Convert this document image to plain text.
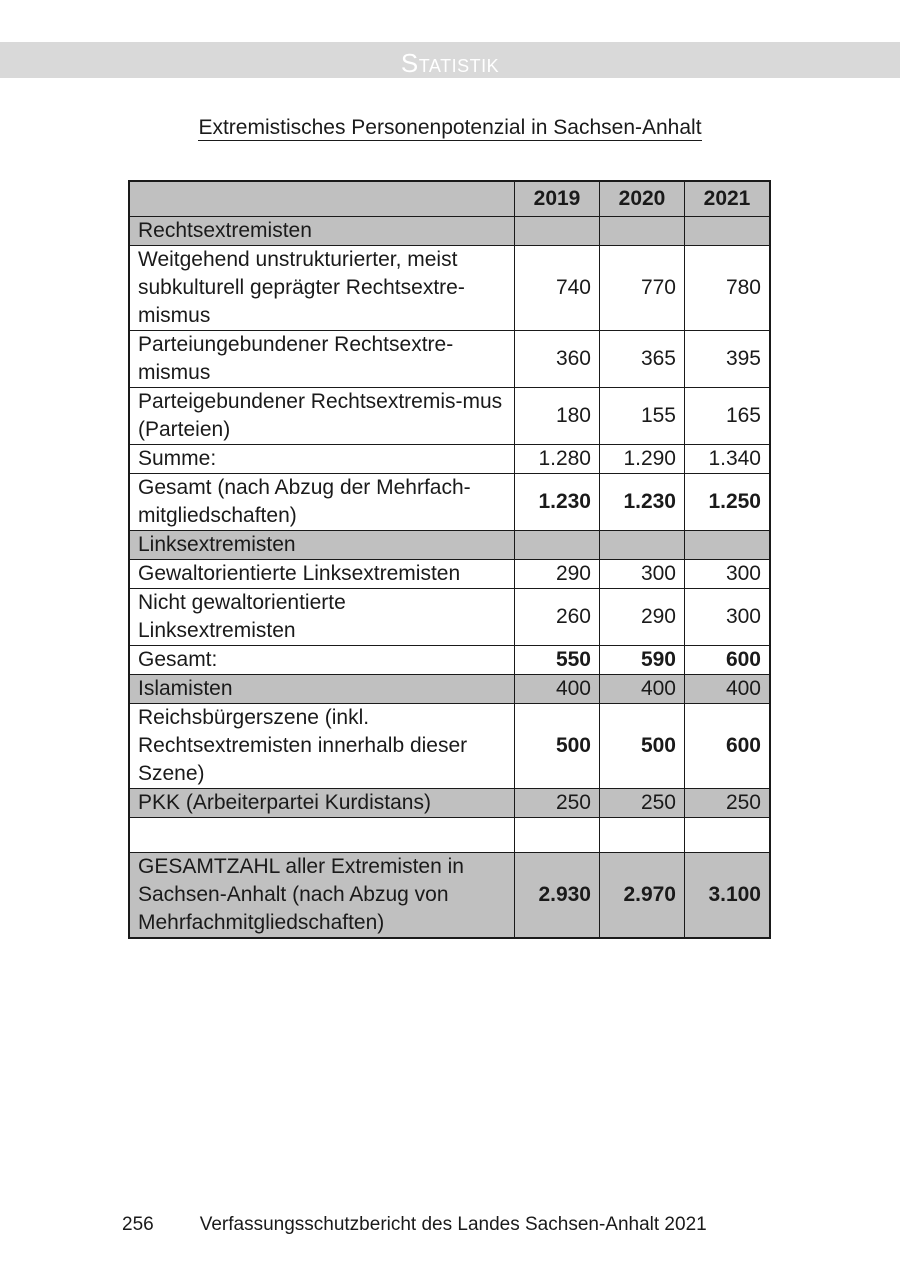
Statistik
Extremistisches Personenpotenzial in Sachsen-Anhalt
	2019	2020	2021
Rechtsextremisten			
Weitgehend unstrukturierter, meist subkulturell geprägter Rechtsextre-​mismus	740	770	780
Parteiungebundener Rechtsextre-​mismus	360	365	395
Parteigebundener Rechtsextremis-​mus (Parteien)	180	155	165
Summe:	1.280	1.290	1.340
Gesamt (nach Abzug der Mehrfach-​mitgliedschaften)	1.230	1.230	1.250
Linksextremisten			
Gewaltorientierte Linksextremisten	290	300	300
Nicht gewaltorientierte Linksextremisten	260	290	300
Gesamt:	550	590	600
Islamisten	400	400	400
Reichsbürgerszene (inkl. Rechtsextremisten innerhalb dieser Szene)	500	500	600
PKK (Arbeiterpartei Kurdistans)	250	250	250

GESAMTZAHL aller Extremisten in Sachsen-Anhalt (nach Abzug von Mehrfachmitgliedschaften)	2.930	2.970	3.100
256 Verfassungsschutzbericht des Landes Sachsen-Anhalt 2021
